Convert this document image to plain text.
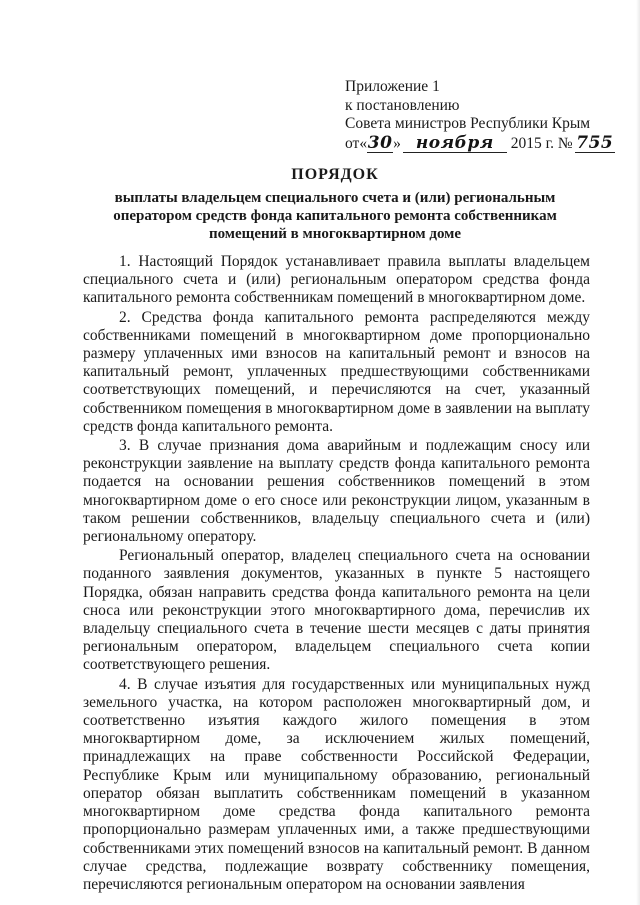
Приложение 1
к постановлению
Совета министров Республики Крым
от«30» ноября 2015 г. № 755
ПОРЯДОК
выплаты владельцем специального счета и (или) региональным оператором средств фонда капитального ремонта собственникам помещений в многоквартирном доме

1. Настоящий Порядок устанавливает правила выплаты владельцем специального счета и (или) региональным оператором средства фонда капитального ремонта собственникам помещений в многоквартирном доме.

2. Средства фонда капитального ремонта распределяются между собственниками помещений в многоквартирном доме пропорционально размеру уплаченных ими взносов на капитальный ремонт и взносов на капитальный ремонт, уплаченных предшествующими собственниками соответствующих помещений, и перечисляются на счет, указанный собственником помещения в многоквартирном доме в заявлении на выплату средств фонда капитального ремонта.

3. В случае признания дома аварийным и подлежащим сносу или реконструкции заявление на выплату средств фонда капитального ремонта подается на основании решения собственников помещений в этом многоквартирном доме о его сносе или реконструкции лицом, указанным в таком решении собственников, владельцу специального счета и (или) региональному оператору.

Региональный оператор, владелец специального счета на основании поданного заявления документов, указанных в пункте 5 настоящего Порядка, обязан направить средства фонда капитального ремонта на цели сноса или реконструкции этого многоквартирного дома, перечислив их владельцу специального счета в течение шести месяцев с даты принятия региональным оператором, владельцем специального счета копии соответствующего решения.

4. В случае изъятия для государственных или муниципальных нужд земельного участка, на котором расположен многоквартирный дом, и соответственно изъятия каждого жилого помещения в этом многоквартирном доме, за исключением жилых помещений, принадлежащих на праве собственности Российской Федерации, Республике Крым или муниципальному образованию, региональный оператор обязан выплатить собственникам помещений в указанном многоквартирном доме средства фонда капитального ремонта пропорционально размерам уплаченных ими, а также предшествующими собственниками этих помещений взносов на капитальный ремонт. В данном случае средства, подлежащие возврату собственнику помещения, перечисляются региональным оператором на основании заявления
